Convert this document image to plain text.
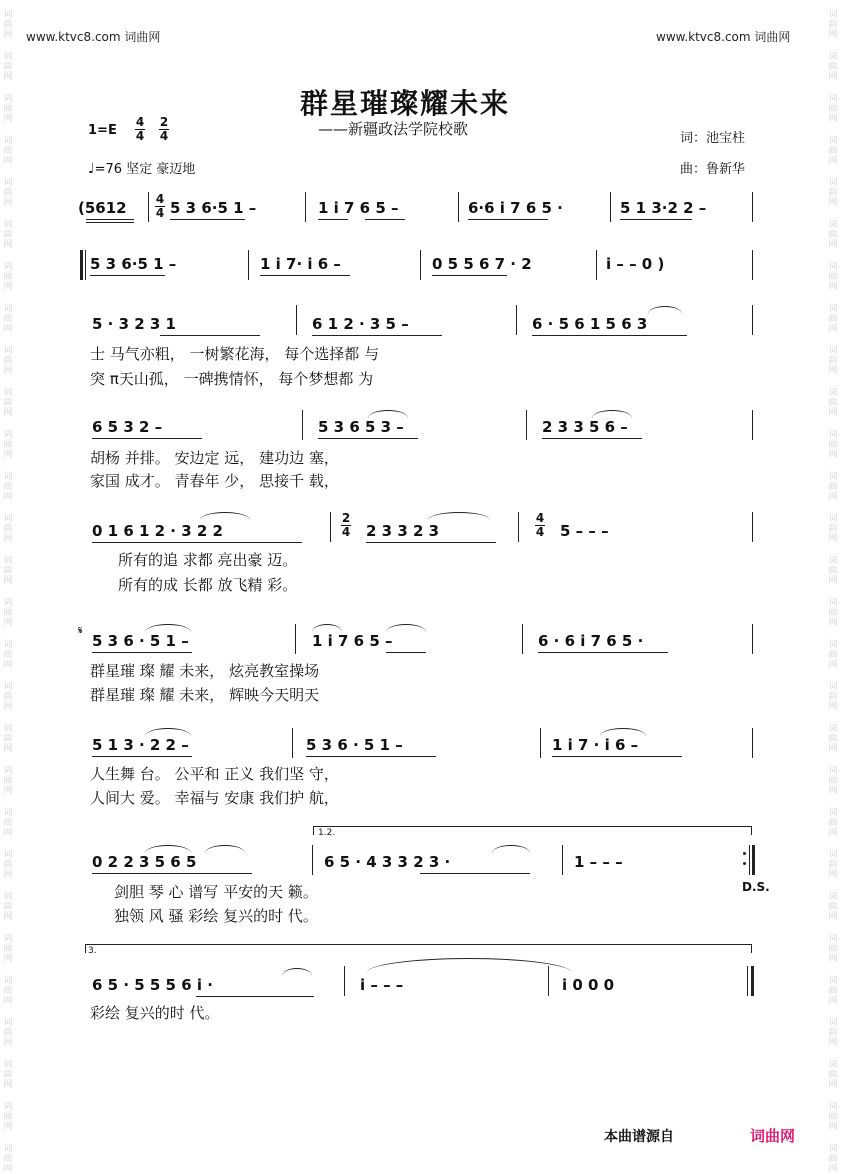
词曲网
词曲网
词曲网
词曲网
词曲网
词曲网
词曲网
词曲网
词曲网
词曲网
词曲网
词曲网
词曲网
词曲网
词曲网
词曲网
词曲网
词曲网
词曲网
词曲网
词曲网
词曲网
词曲网
词曲网
词曲网
词曲网
词曲网
词曲网
词曲网
词曲网
词曲网
词曲网
词曲网
词曲网
词曲网
词曲网
词曲网
词曲网
词曲网
词曲网
词曲网
词曲网
词曲网
词曲网
词曲网
词曲网
词曲网
词曲网
词曲网
词曲网
词曲网
词曲网
词曲网
词曲网
词曲网
词曲网
www.ktvc8.com 词曲网	www.ktvc8.com 词曲网
群星璀璨耀未来
——新疆政法学院校歌
1=E
4
4
2
4
♩=76 坚定 豪迈地
词：池宝柱
曲：鲁新华
(5612 4
4 5 3 6·5 1 –	1 i 7 6 5 –	6·6 i 7 6 5 ·	5 1 3·2 2 –
5 3 6·5 1 –	1 i 7· i 6 –	0 5 5 6 7 · 2	i – – 0 )
5 · 3 2 3 1	6 1 2 · 3 5 –	6 · 5 6 1 5 6 3
士 马气亦粗， 一树繁花海， 每个选择都 与
突 π天山孤， 一碑携情怀， 每个梦想都 为
6 5 3 2 –	5 3 6 5 3 –	2 3 3 5 6 –
胡杨 并排。 安边定 远， 建功边 塞，
家国 成才。 青春年 少， 思接千 载，
0 1 6 1 2 · 3 2 2
2
4 2 3 3 2 3
4
4 5 – – –
所有的追 求都 亮出豪 迈。
所有的成 长都 放飞精 彩。
𝄋
5 3 6 · 5 1 –	1 i 7 6 5 –	6 · 6 i 7 6 5 ·
群星璀 璨 耀 未来， 炫亮教室操场
群星璀 璨 耀 未来， 辉映今天明天
5 1 3 · 2 2 –	5 3 6 · 5 1 –	1 i 7 · i 6 –
人生舞 台。 公平和 正义 我们坚 守，
人间大 爱。 幸福与 安康 我们护 航，
1.2.
0 2 2 3 5 6 5	6 5 · 4 3 3 2 3 ·	1 – – –
D.S.
剑胆 琴 心 谱写 平安的天 籁。
独领 风 骚 彩绘 复兴的时 代。
3.
6 5 · 5 5 5 6 i ·	i – – –	i 0 0 0
彩绘 复兴的时 代。
本曲谱源自	词曲网
